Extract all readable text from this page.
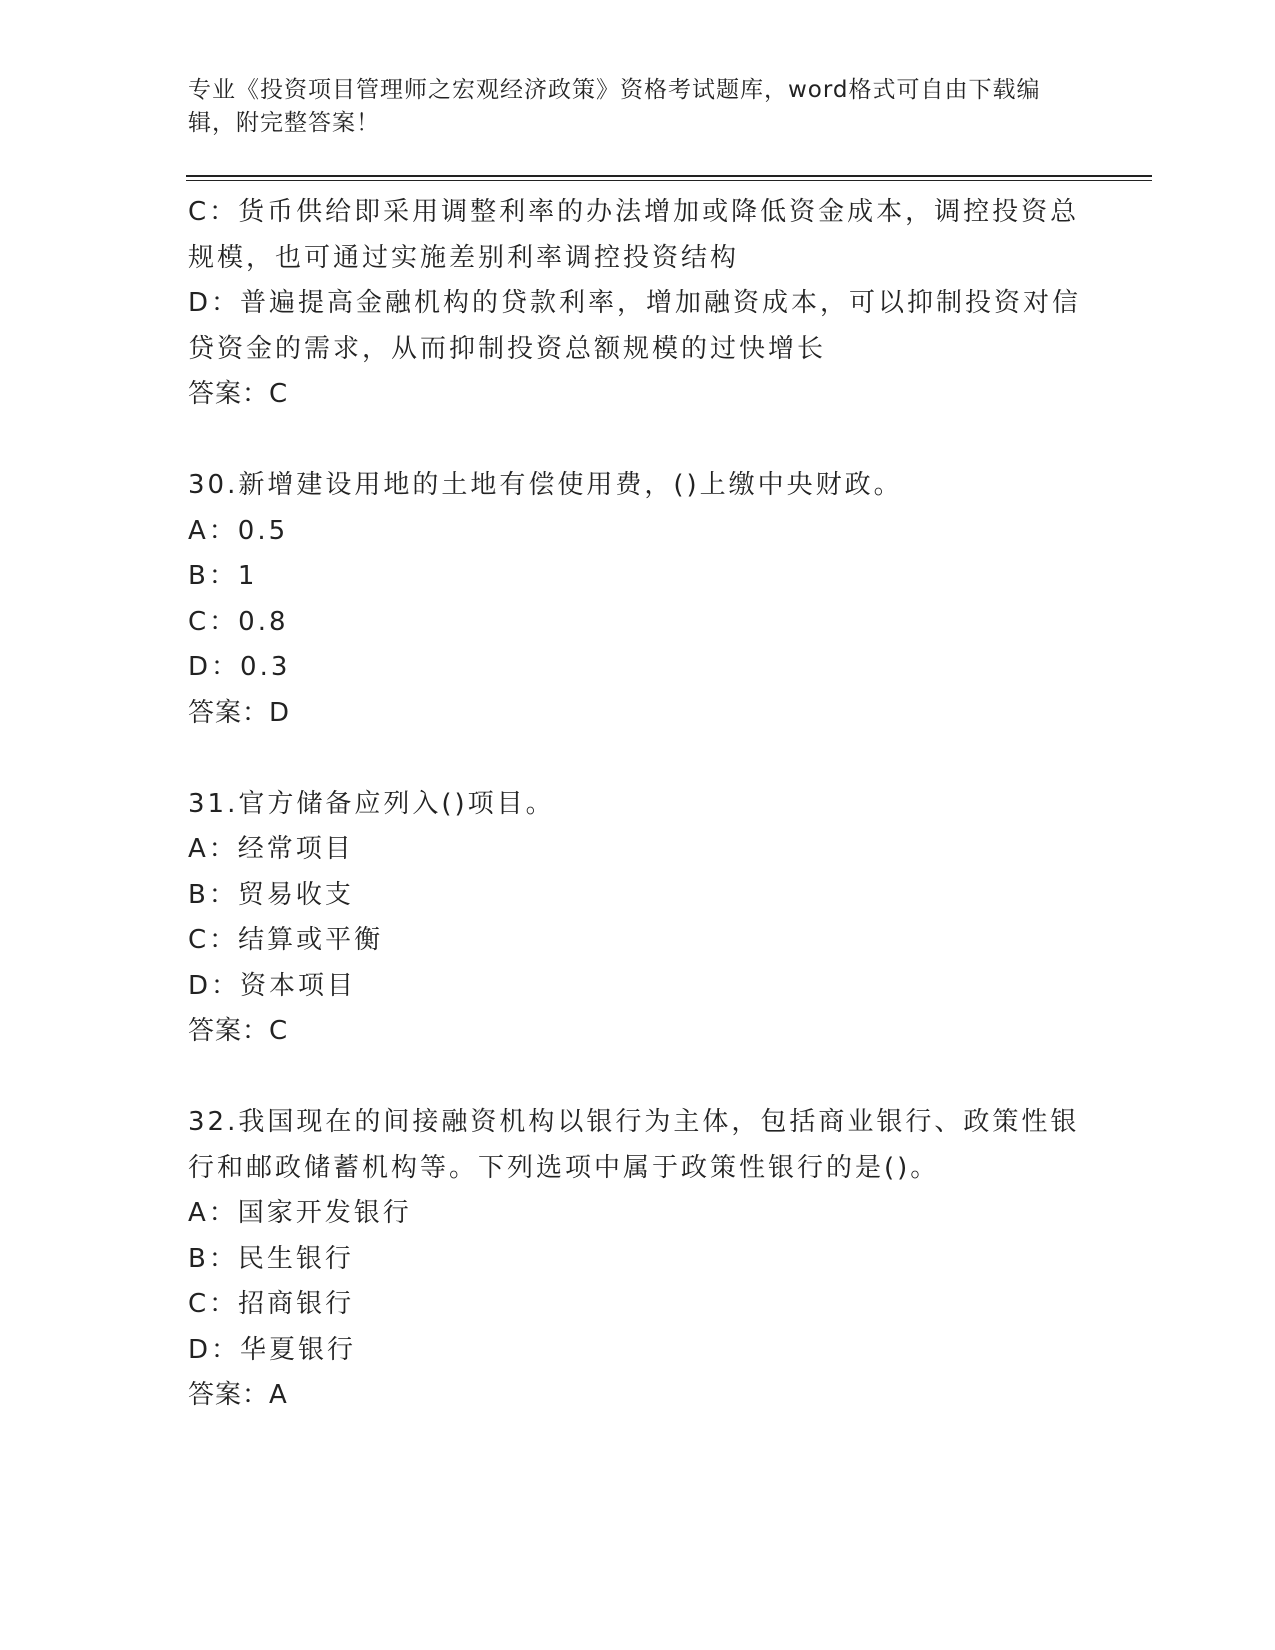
专业《投资项目管理师之宏观经济政策》资格考试题库，word格式可自由下载编
辑，附完整答案！
C：货币供给即采用调整利率的办法增加或降低资金成本，调控投资总
规模，也可通过实施差别利率调控投资结构
D：普遍提高金融机构的贷款利率，增加融资成本，可以抑制投资对信
贷资金的需求，从而抑制投资总额规模的过快增长
答案：C
30.新增建设用地的土地有偿使用费，()上缴中央财政。
A：0.5
B：1
C：0.8
D：0.3
答案：D
31.官方储备应列入()项目。
A：经常项目
B：贸易收支
C：结算或平衡
D：资本项目
答案：C
32.我国现在的间接融资机构以银行为主体，包括商业银行、政策性银
行和邮政储蓄机构等。下列选项中属于政策性银行的是()。
A：国家开发银行
B：民生银行
C：招商银行
D：华夏银行
答案：A
